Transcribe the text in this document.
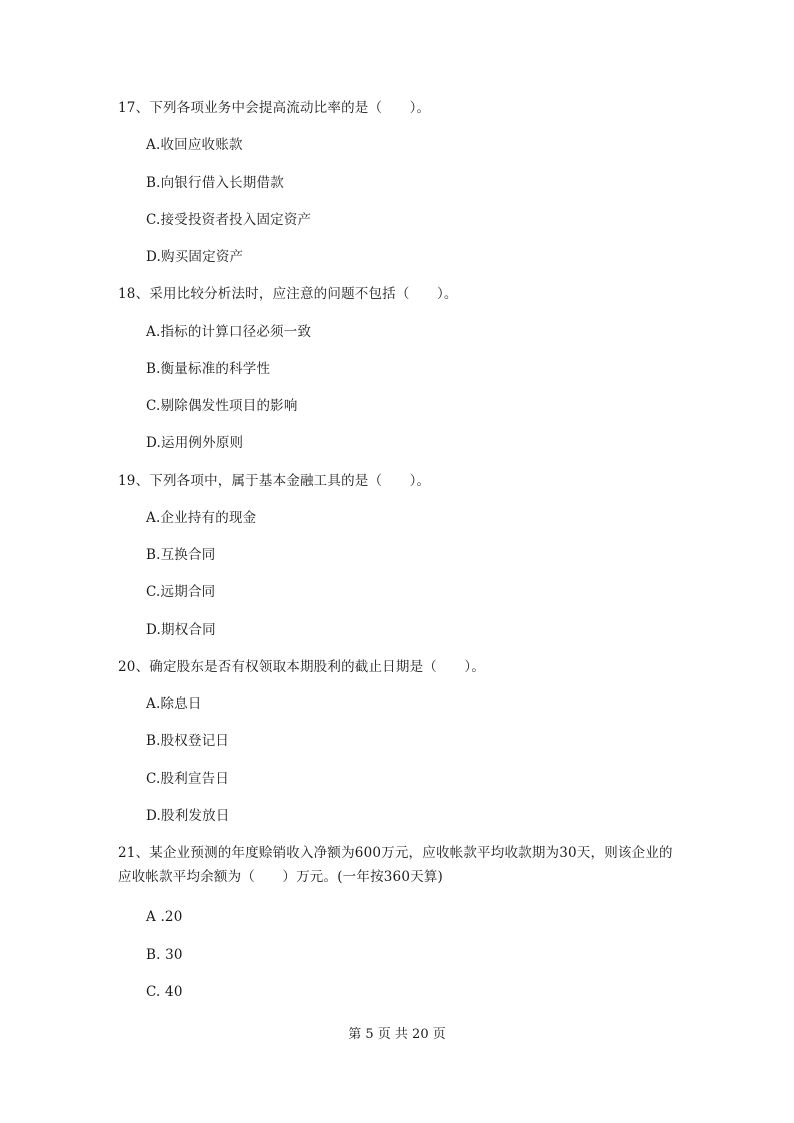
17、下列各项业务中会提高流动比率的是（　　）。
A.收回应收账款
B.向银行借入长期借款
C.接受投资者投入固定资产
D.购买固定资产
18、采用比较分析法时，应注意的问题不包括（　　）。
A.指标的计算口径必须一致
B.衡量标准的科学性
C.剔除偶发性项目的影响
D.运用例外原则
19、下列各项中，属于基本金融工具的是（　　）。
A.企业持有的现金
B.互换合同
C.远期合同
D.期权合同
20、确定股东是否有权领取本期股利的截止日期是（　　）。
A.除息日
B.股权登记日
C.股利宣告日
D.股利发放日
21、某企业预测的年度赊销收入净额为600万元，应收帐款平均收款期为30天，则该企业的
应收帐款平均余额为（　　）万元。(一年按360天算)
A .20
B. 30
C. 40
第 5 页 共 20 页
